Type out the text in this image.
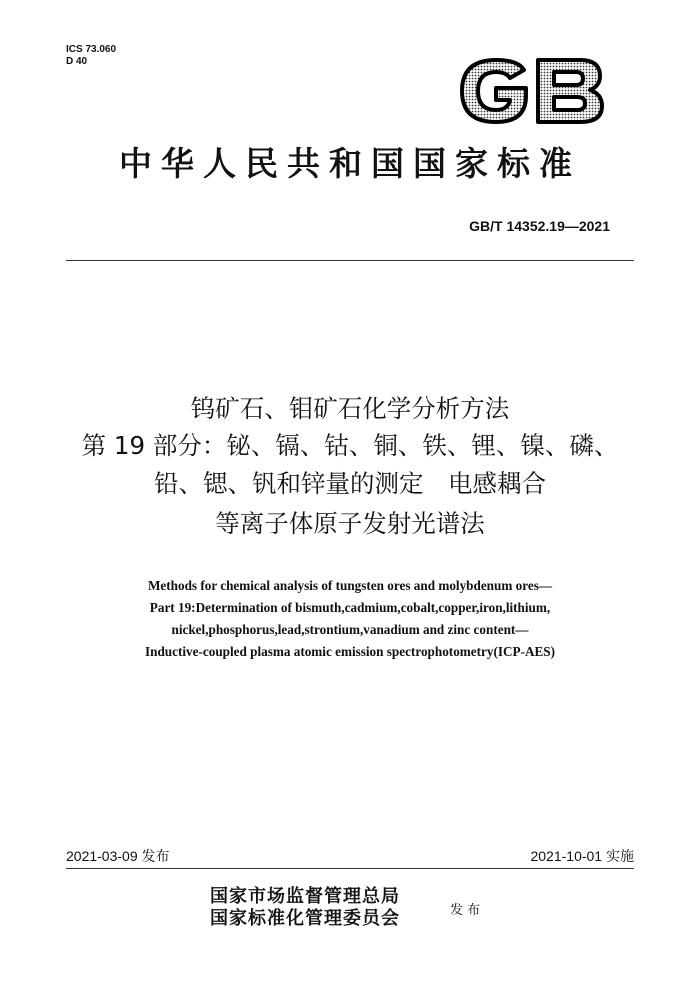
ICS 73.060
D 40
中华人民共和国国家标准
GB/T 14352.19—2021
钨矿石、钼矿石化学分析方法
第 19 部分：铋、镉、钴、铜、铁、锂、镍、磷、
铅、锶、钒和锌量的测定　电感耦合
等离子体原子发射光谱法
Methods for chemical analysis of tungsten ores and molybdenum ores—
Part 19:Determination of bismuth,cadmium,cobalt,copper,iron,lithium,
nickel,phosphorus,lead,strontium,vanadium and zinc content—
Inductive-coupled plasma atomic emission spectrophotometry(ICP-AES)
2021-03-09 发布	2021-10-01 实施
国家市场监督管理总局
国家标准化管理委员会	发 布
